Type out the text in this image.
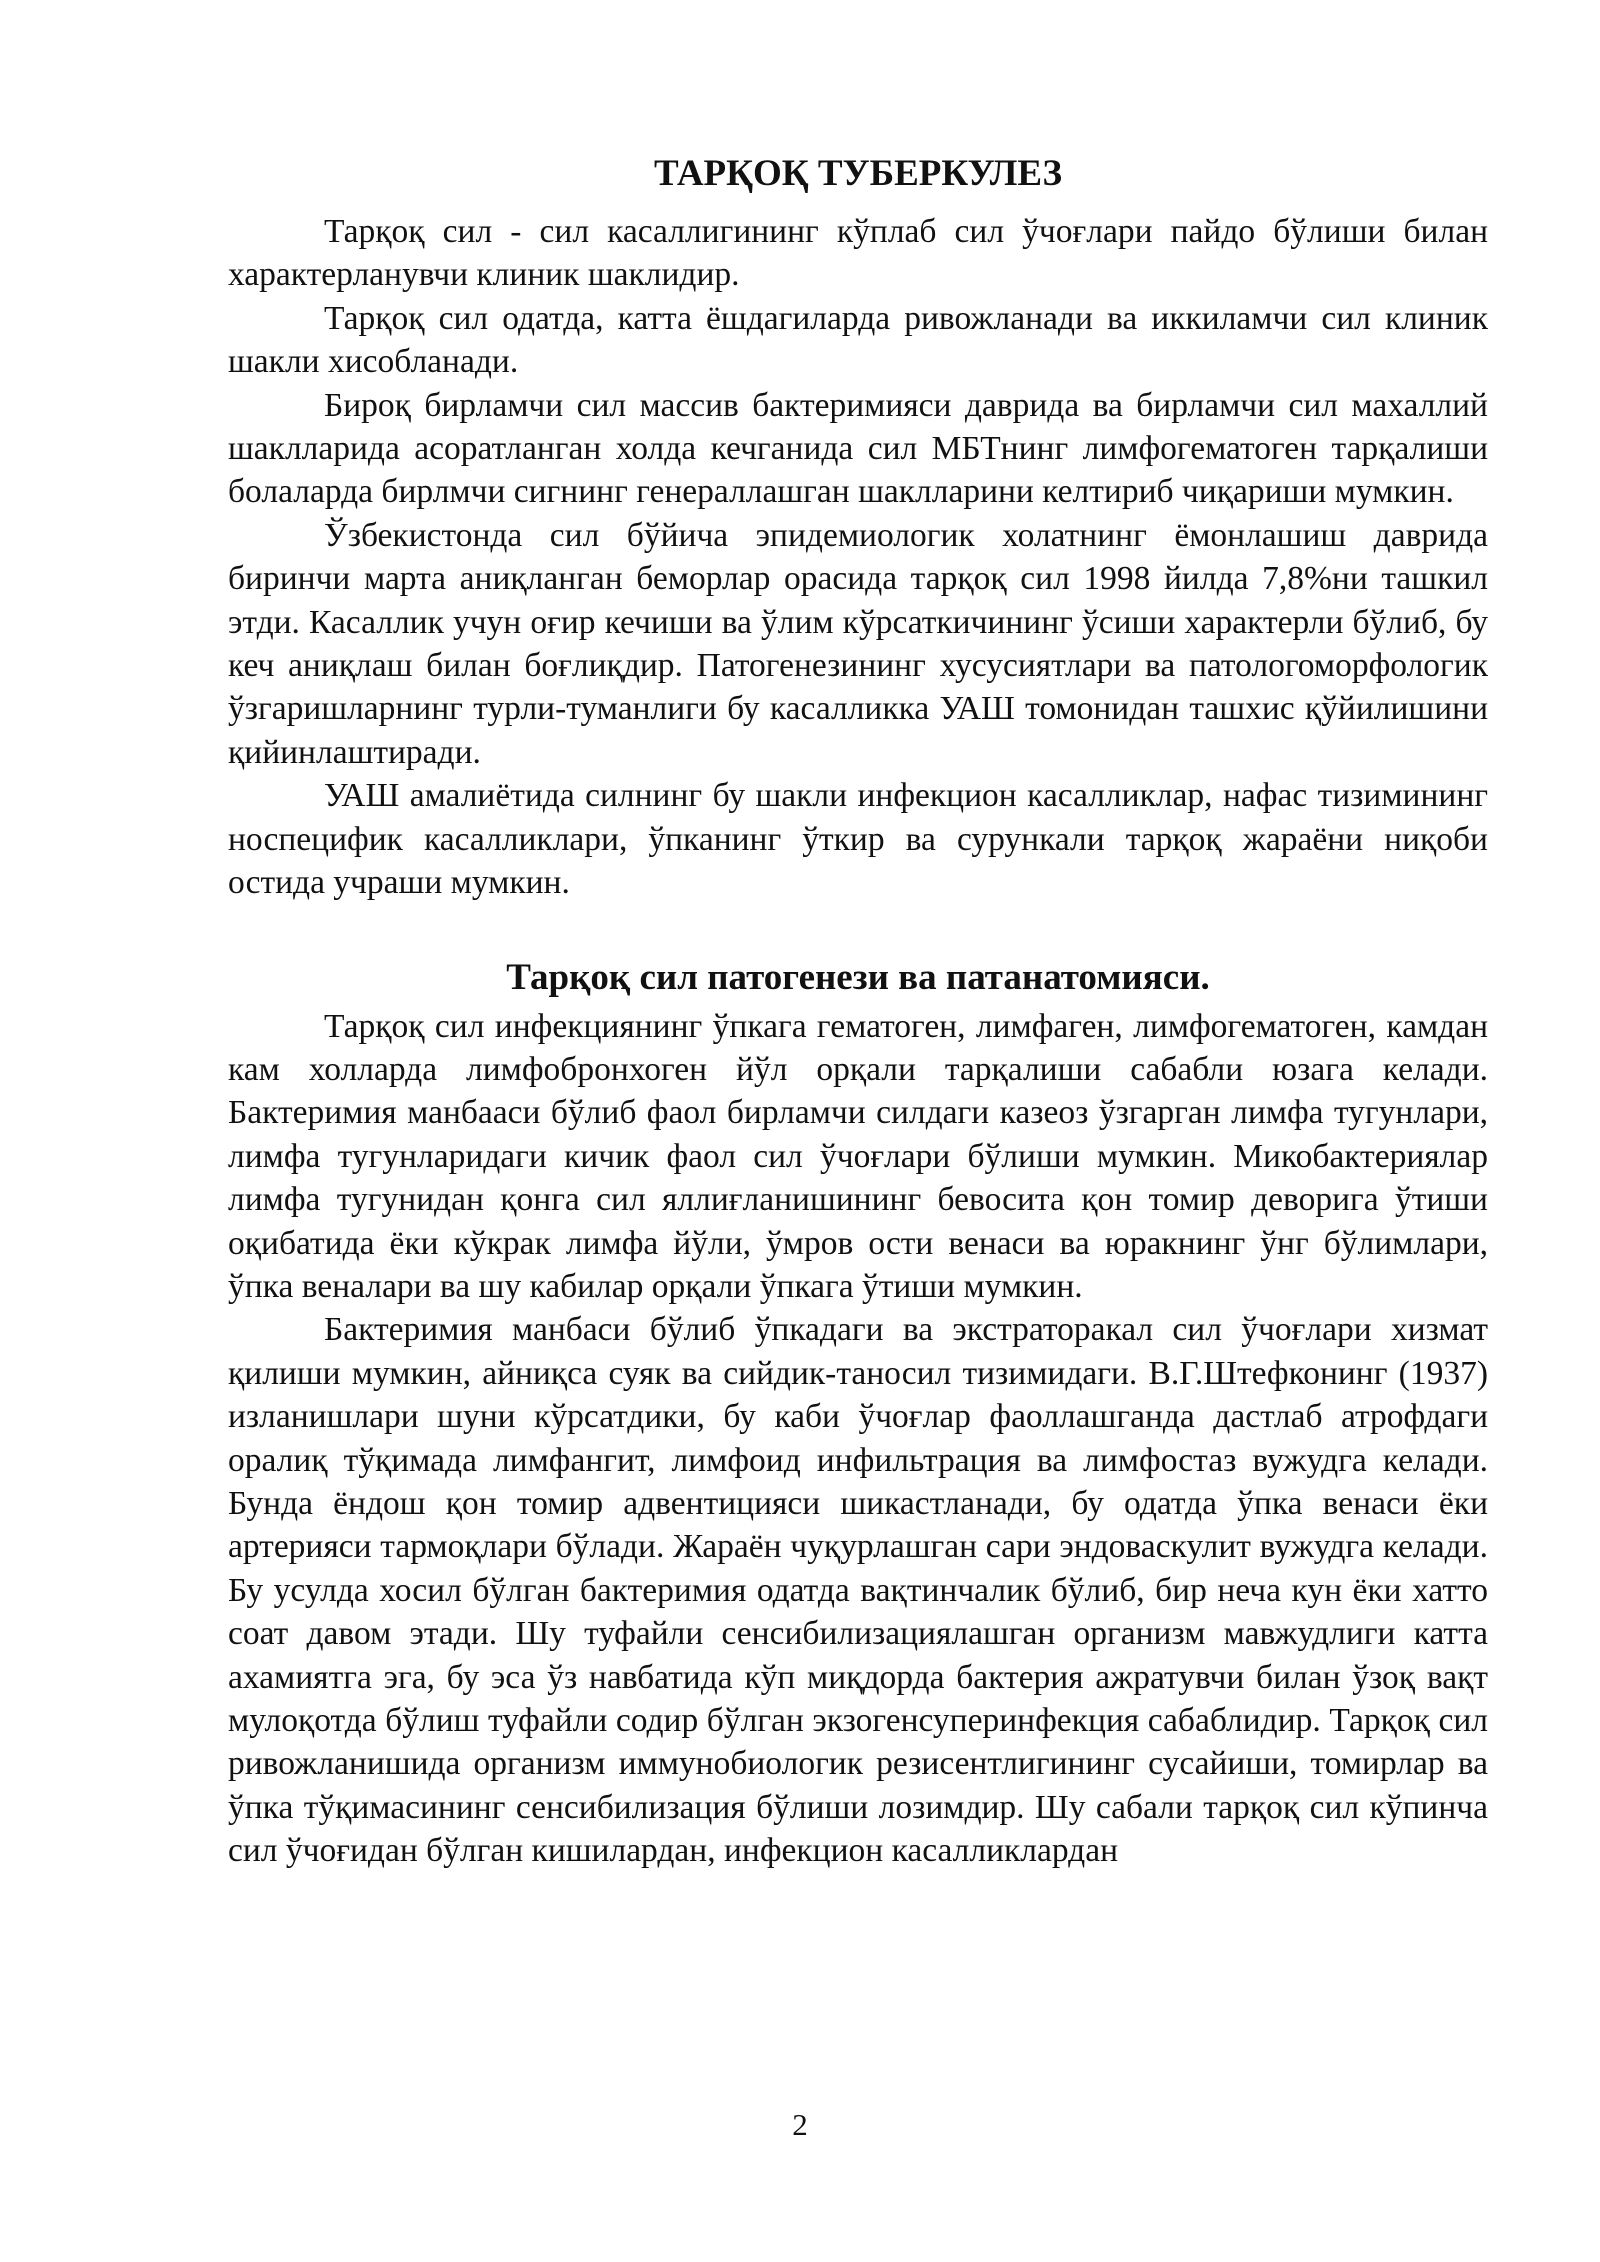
ТАРҚОҚ ТУБЕРКУЛЕЗ

Тарқоқ сил - сил касаллигининг кўплаб сил ўчоғлари пайдо бўлиши билан характерланувчи клиник шаклидир.

Тарқоқ сил одатда, катта ёшдагиларда ривожланади ва иккиламчи сил клиник шакли хисобланади.

Бироқ бирламчи сил массив бактеримияси даврида ва бирламчи сил махаллий шаклларида асоратланган холда кечганида сил МБТнинг лимфогематоген тарқалиши болаларда бирлмчи сигнинг генераллашган шаклларини келтириб чиқариши мумкин.

Ўзбекистонда сил бўйича эпидемиологик холатнинг ёмонлашиш даврида биринчи марта аниқланган беморлар орасида тарқоқ сил 1998 йилда 7,8%ни ташкил этди. Касаллик учун оғир кечиши ва ўлим кўрсаткичининг ўсиши характерли бўлиб, бу кеч аниқлаш билан боғлиқдир. Патогенезининг хусусиятлари ва патологоморфологик ўзгаришларнинг турли-туманлиги бу касалликка УАШ томонидан ташхис қўйилишини қийинлаштиради.

УАШ амалиётида силнинг бу шакли инфекцион касалликлар, нафас тизимининг носпецифик касалликлари, ўпканинг ўткир ва сурункали тарқоқ жараёни ниқоби остида учраши мумкин.

Тарқоқ сил патогенези ва патанатомияси.

Тарқоқ сил инфекциянинг ўпкага гематоген, лимфаген, лимфогематоген, камдан кам холларда лимфобронхоген йўл орқали тарқалиши сабабли юзага келади. Бактеримия манбааси бўлиб фаол бирламчи силдаги казеоз ўзгарган лимфа тугунлари, лимфа тугунларидаги кичик фаол сил ўчоғлари бўлиши мумкин. Микобактериялар лимфа тугунидан қонга сил яллиғланишининг бевосита қон томир деворига ўтиши оқибатида ёки кўкрак лимфа йўли, ўмров ости венаси ва юракнинг ўнг бўлимлари, ўпка веналари ва шу кабилар орқали ўпкага ўтиши мумкин.

Бактеримия манбаси бўлиб ўпкадаги ва экстраторакал сил ўчоғлари хизмат қилиши мумкин, айниқса суяк ва сийдик-таносил тизимидаги. В.Г.Штефконинг (1937) изланишлари шуни кўрсатдики, бу каби ўчоғлар фаоллашганда дастлаб атрофдаги оралиқ тўқимада лимфангит, лимфоид инфильтрация ва лимфостаз вужудга келади. Бунда ёндош қон томир адвентицияси шикастланади, бу одатда ўпка венаси ёки артерияси тармоқлари бўлади. Жараён чуқурлашган сари эндоваскулит вужудга келади. Бу усулда хосил бўлган бактеримия одатда вақтинчалик бўлиб, бир неча кун ёки хатто соат давом этади. Шу туфайли сенсибилизациялашган организм мавжудлиги катта ахамиятга эга, бу эса ўз навбатида кўп миқдорда бактерия ажратувчи билан ўзоқ вақт мулоқотда бўлиш туфайли содир бўлган экзогенсуперинфекция сабаблидир. Тарқоқ сил ривожланишида организм иммунобиологик резисентлигининг сусайиши, томирлар ва ўпка тўқимасининг сенсибилизация бўлиши лозимдир. Шу сабали тарқоқ сил кўпинча сил ўчоғидан бўлган кишилардан, инфекцион касалликлардан

2
